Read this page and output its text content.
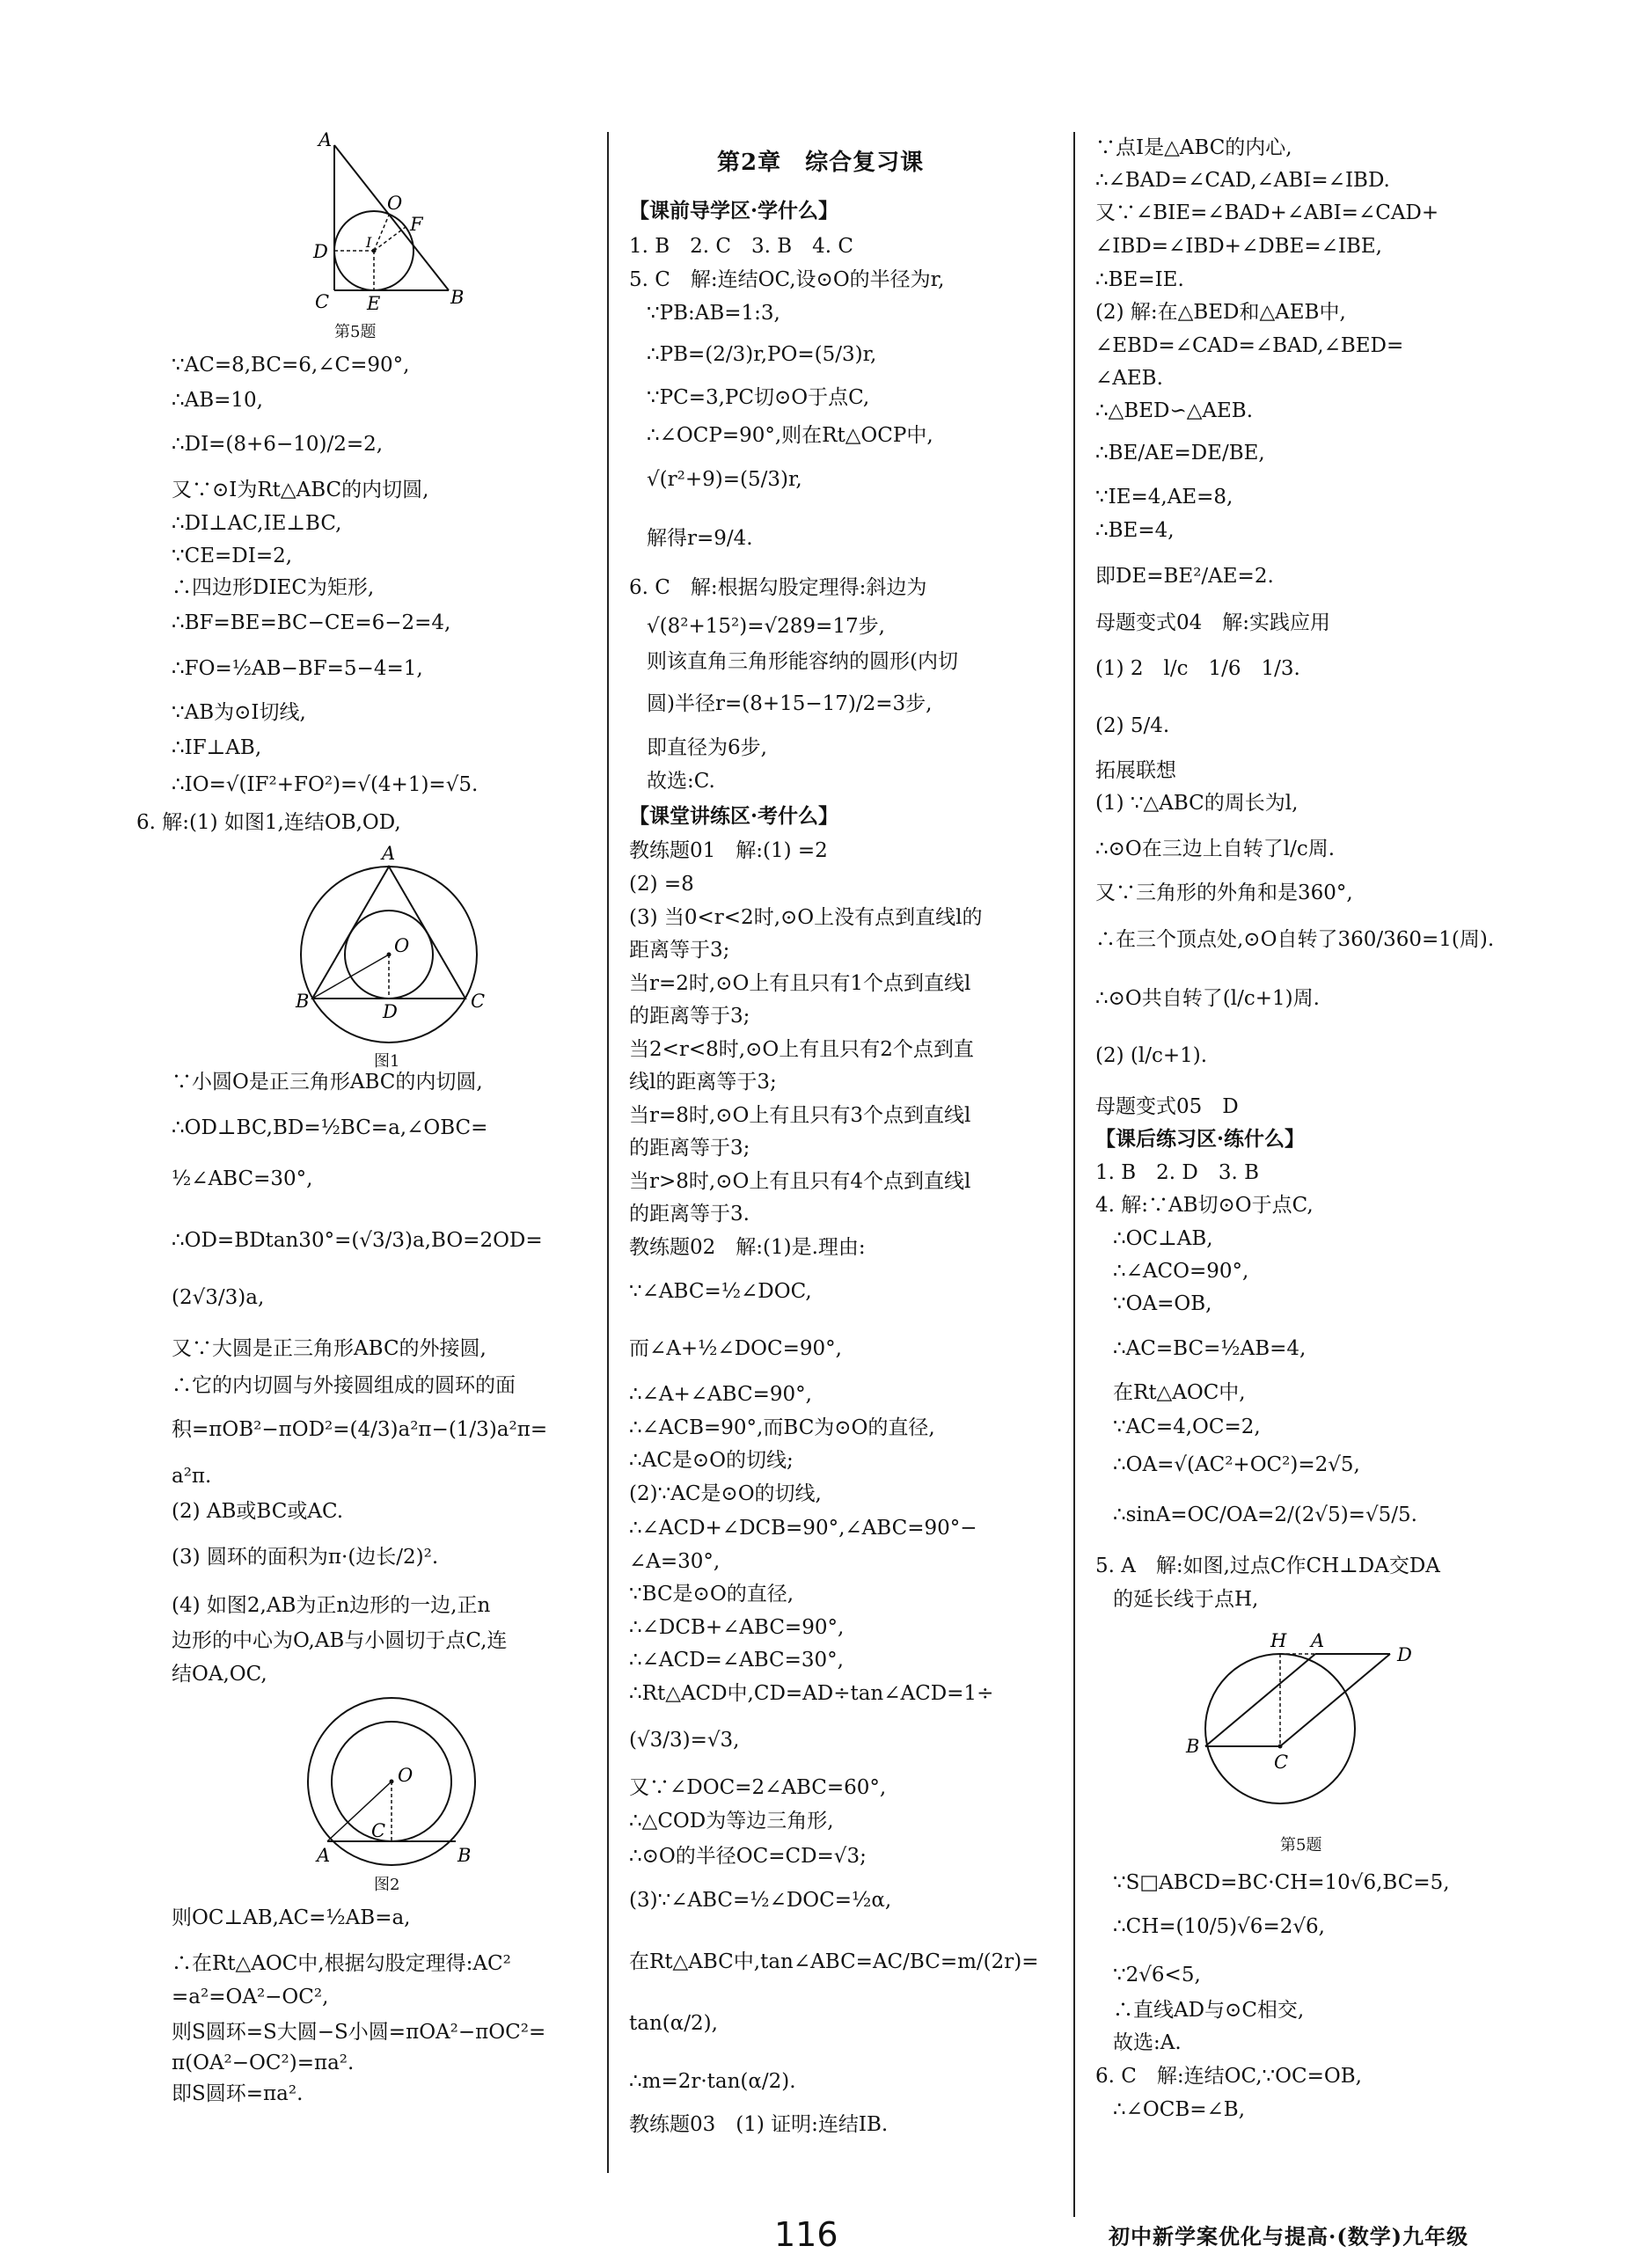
A
O
F
D	I
C E	B
第5题
A
O
B	D	C
图1
O
C
A	B
图2
H A
D
B
C
第5题
∵AC=8,BC=6,∠C=90°,
∴AB=10,
∴DI=(8+6−10)/2=2,
又∵⊙I为Rt△ABC的内切圆,
∴DI⊥AC,IE⊥BC,
∵CE=DI=2,
∴四边形DIEC为矩形,
∴BF=BE=BC−CE=6−2=4,
∴FO=½AB−BF=5−4=1,
∵AB为⊙I切线,
∴IF⊥AB,
∴IO=√(IF²+FO²)=√(4+1)=√5.
6. 解:(1) 如图1,连结OB,OD,
∵小圆O是正三角形ABC的内切圆,
∴OD⊥BC,BD=½BC=a,∠OBC=
½∠ABC=30°,
∴OD=BDtan30°=(√3/3)a,BO=2OD=
(2√3/3)a,
又∵大圆是正三角形ABC的外接圆,
∴它的内切圆与外接圆组成的圆环的面
积=πOB²−πOD²=(4/3)a²π−(1/3)a²π=
a²π.
(2) AB或BC或AC.
(3) 圆环的面积为π·(边长/2)².
(4) 如图2,AB为正n边形的一边,正n
边形的中心为O,AB与小圆切于点C,连
结OA,OC,
则OC⊥AB,AC=½AB=a,
∴在Rt△AOC中,根据勾股定理得:AC²
=a²=OA²−OC²,
则S圆环=S大圆−S小圆=πOA²−πOC²=
π(OA²−OC²)=πa².
即S圆环=πa².
第2章　综合复习课
【课前导学区·学什么】
1. B　2. C　3. B　4. C
5. C　解:连结OC,设⊙O的半径为r,
∵PB:AB=1:3,
∴PB=(2/3)r,PO=(5/3)r,
∵PC=3,PC切⊙O于点C,
∴∠OCP=90°,则在Rt△OCP中,
√(r²+9)=(5/3)r,
解得r=9/4.
6. C　解:根据勾股定理得:斜边为
√(8²+15²)=√289=17步,
则该直角三角形能容纳的圆形(内切
圆)半径r=(8+15−17)/2=3步,
即直径为6步,
故选:C.
【课堂讲练区·考什么】
教练题01　解:(1) =2
(2) =8
(3) 当0<r<2时,⊙O上没有点到直线l的
距离等于3;
当r=2时,⊙O上有且只有1个点到直线l
的距离等于3;
当2<r<8时,⊙O上有且只有2个点到直
线l的距离等于3;
当r=8时,⊙O上有且只有3个点到直线l
的距离等于3;
当r>8时,⊙O上有且只有4个点到直线l
的距离等于3.
教练题02　解:(1)是.理由:
∵∠ABC=½∠DOC,
而∠A+½∠DOC=90°,
∴∠A+∠ABC=90°,
∴∠ACB=90°,而BC为⊙O的直径,
∴AC是⊙O的切线;
(2)∵AC是⊙O的切线,
∴∠ACD+∠DCB=90°,∠ABC=90°−
∠A=30°,
∵BC是⊙O的直径,
∴∠DCB+∠ABC=90°,
∴∠ACD=∠ABC=30°,
∴Rt△ACD中,CD=AD÷tan∠ACD=1÷
(√3/3)=√3,
又∵∠DOC=2∠ABC=60°,
∴△COD为等边三角形,
∴⊙O的半径OC=CD=√3;
(3)∵∠ABC=½∠DOC=½α,
在Rt△ABC中,tan∠ABC=AC/BC=m/(2r)=
tan(α/2),
∴m=2r·tan(α/2).
教练题03　(1) 证明:连结IB.
∵点I是△ABC的内心,
∴∠BAD=∠CAD,∠ABI=∠IBD.
又∵∠BIE=∠BAD+∠ABI=∠CAD+
∠IBD=∠IBD+∠DBE=∠IBE,
∴BE=IE.
(2) 解:在△BED和△AEB中,
∠EBD=∠CAD=∠BAD,∠BED=
∠AEB.
∴△BED∽△AEB.
∴BE/AE=DE/BE,
∵IE=4,AE=8,
∴BE=4,
即DE=BE²/AE=2.
母题变式04　解:实践应用
(1) 2　l/c　1/6　1/3.
(2) 5/4.
拓展联想
(1) ∵△ABC的周长为l,
∴⊙O在三边上自转了l/c周.
又∵三角形的外角和是360°,
∴在三个顶点处,⊙O自转了360/360=1(周).
∴⊙O共自转了(l/c+1)周.
(2) (l/c+1).
母题变式05　D
【课后练习区·练什么】
1. B　2. D　3. B
4. 解:∵AB切⊙O于点C,
∴OC⊥AB,
∴∠ACO=90°,
∵OA=OB,
∴AC=BC=½AB=4,
在Rt△AOC中,
∵AC=4,OC=2,
∴OA=√(AC²+OC²)=2√5,
∴sinA=OC/OA=2/(2√5)=√5/5.
5. A　解:如图,过点C作CH⊥DA交DA
的延长线于点H,
∵S□ABCD=BC·CH=10√6,BC=5,
∴CH=(10/5)√6=2√6,
∵2√6<5,
∴直线AD与⊙C相交,
故选:A.
6. C　解:连结OC,∵OC=OB,
∴∠OCB=∠B,
116	初中新学案优化与提高·(数学)九年级
